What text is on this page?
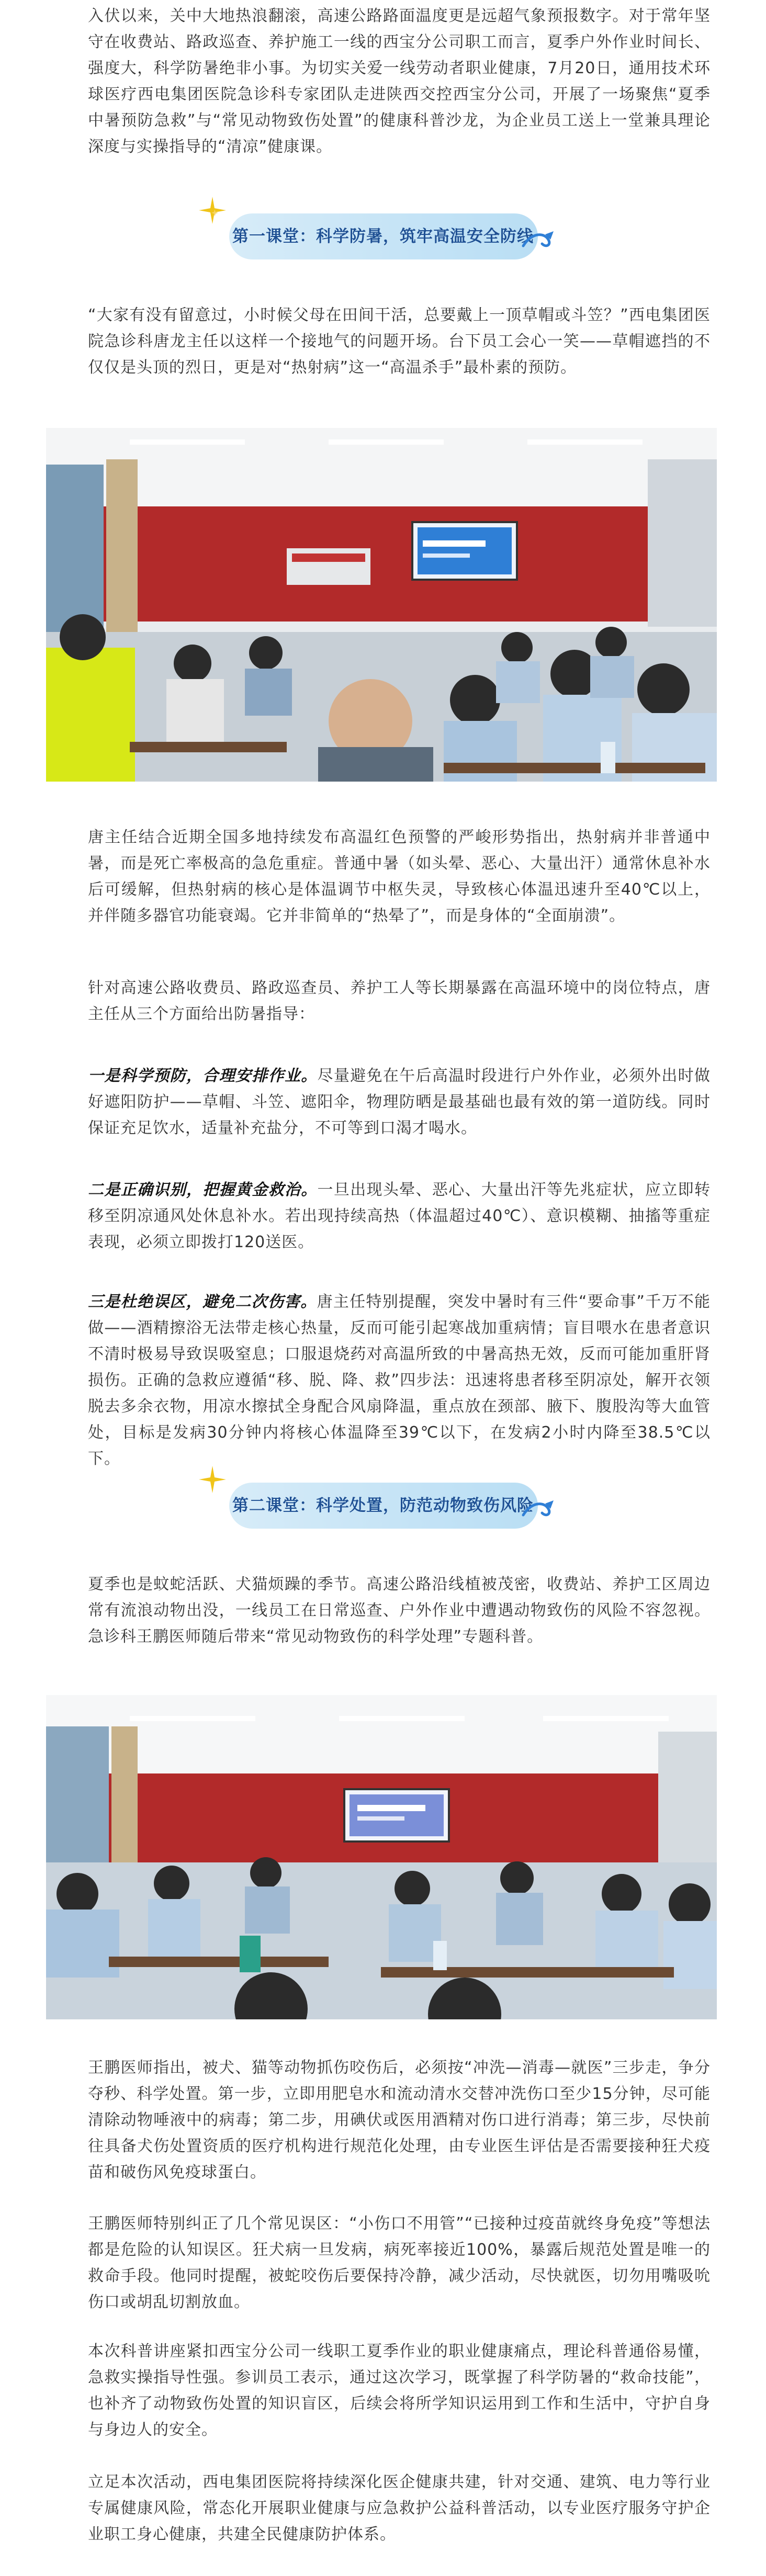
入伏以来，关中大地热浪翻滚，高速公路路面温度更是远超气象预报数字。对于常年坚守在收费站、路政巡查、养护施工一线的西宝分公司职工而言，夏季户外作业时间长、强度大，科学防暑绝非小事。为切实关爱一线劳动者职业健康，7月20日，通用技术环球医疗西电集团医院急诊科专家团队走进陕西交控西宝分公司，开展了一场聚焦“夏季中暑预防急救”与“常见动物致伤处置”的健康科普沙龙，为企业员工送上一堂兼具理论深度与实操指导的“清凉”健康课。

第一课堂：科学防暑，筑牢高温安全防线

“大家有没有留意过，小时候父母在田间干活，总要戴上一顶草帽或斗笠？”西电集团医院急诊科唐龙主任以这样一个接地气的问题开场。台下员工会心一笑——草帽遮挡的不仅仅是头顶的烈日，更是对“热射病”这一“高温杀手”最朴素的预防。

唐主任结合近期全国多地持续发布高温红色预警的严峻形势指出，热射病并非普通中暑，而是死亡率极高的急危重症。普通中暑（如头晕、恶心、大量出汗）通常休息补水后可缓解，但热射病的核心是体温调节中枢失灵，导致核心体温迅速升至40℃以上，并伴随多器官功能衰竭。它并非简单的“热晕了”，而是身体的“全面崩溃”。

针对高速公路收费员、路政巡查员、养护工人等长期暴露在高温环境中的岗位特点，唐主任从三个方面给出防暑指导：

一是科学预防，合理安排作业。尽量避免在午后高温时段进行户外作业，必须外出时做好遮阳防护——草帽、斗笠、遮阳伞，物理防晒是最基础也最有效的第一道防线。同时保证充足饮水，适量补充盐分，不可等到口渴才喝水。

二是正确识别，把握黄金救治。一旦出现头晕、恶心、大量出汗等先兆症状，应立即转移至阴凉通风处休息补水。若出现持续高热（体温超过40℃）、意识模糊、抽搐等重症表现，必须立即拨打120送医。

三是杜绝误区，避免二次伤害。唐主任特别提醒，突发中暑时有三件“要命事”千万不能做——酒精擦浴无法带走核心热量，反而可能引起寒战加重病情；盲目喂水在患者意识不清时极易导致误吸窒息；口服退烧药对高温所致的中暑高热无效，反而可能加重肝肾损伤。正确的急救应遵循“移、脱、降、救”四步法：迅速将患者移至阴凉处，解开衣领脱去多余衣物，用凉水擦拭全身配合风扇降温，重点放在颈部、腋下、腹股沟等大血管处，目标是发病30分钟内将核心体温降至39℃以下，在发病2小时内降至38.5℃以下。

第二课堂：科学处置，防范动物致伤风险

夏季也是蚊蛇活跃、犬猫烦躁的季节。高速公路沿线植被茂密，收费站、养护工区周边常有流浪动物出没，一线员工在日常巡查、户外作业中遭遇动物致伤的风险不容忽视。急诊科王鹏医师随后带来“常见动物致伤的科学处理”专题科普。

王鹏医师指出，被犬、猫等动物抓伤咬伤后，必须按“冲洗—消毒—就医”三步走，争分夺秒、科学处置。第一步，立即用肥皂水和流动清水交替冲洗伤口至少15分钟，尽可能清除动物唾液中的病毒；第二步，用碘伏或医用酒精对伤口进行消毒；第三步，尽快前往具备犬伤处置资质的医疗机构进行规范化处理，由专业医生评估是否需要接种狂犬疫苗和破伤风免疫球蛋白。

王鹏医师特别纠正了几个常见误区：“小伤口不用管”“已接种过疫苗就终身免疫”等想法都是危险的认知误区。狂犬病一旦发病，病死率接近100%，暴露后规范处置是唯一的救命手段。他同时提醒，被蛇咬伤后要保持冷静，减少活动，尽快就医，切勿用嘴吸吮伤口或胡乱切割放血。

本次科普讲座紧扣西宝分公司一线职工夏季作业的职业健康痛点，理论科普通俗易懂，急救实操指导性强。参训员工表示，通过这次学习，既掌握了科学防暑的“救命技能”，也补齐了动物致伤处置的知识盲区，后续会将所学知识运用到工作和生活中，守护自身与身边人的安全。

立足本次活动，西电集团医院将持续深化医企健康共建，针对交通、建筑、电力等行业专属健康风险，常态化开展职业健康与应急救护公益科普活动，以专业医疗服务守护企业职工身心健康，共建全民健康防护体系。
